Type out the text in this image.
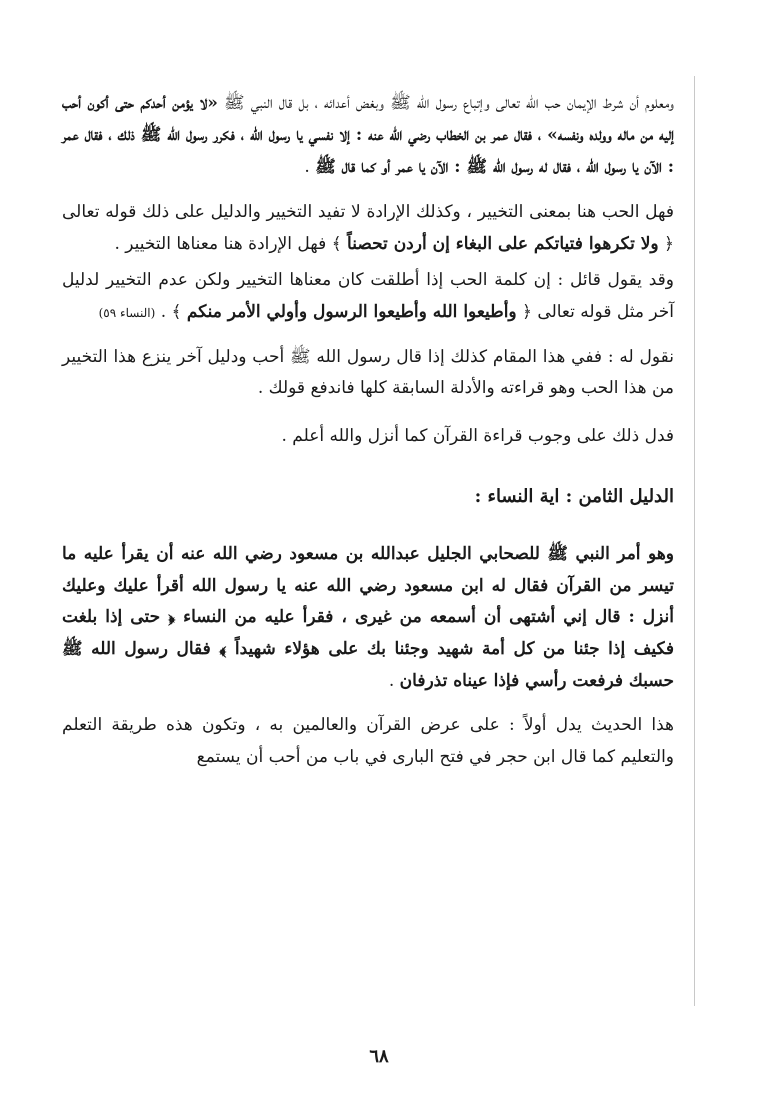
ومعلوم أن شرط الإيمان حب الله تعالى وإتباع رسول الله ﷺ وبغض أعدائه ، بل قال النبي ﷺ «لا يؤمن أحدكم حتى أكون أحب إليه من ماله وولده ونفسه» ، فقال عمر بن الخطاب رضي الله عنه : إلا نفسي يا رسول الله ، فكرر رسول الله ﷺ ذلك ، فقال عمر : الآن يا رسول الله ، فقال له رسول الله ﷺ : الآن يا عمر أو كما قال ﷺ .

فهل الحب هنا بمعنى التخيير ، وكذلك الإرادة لا تفيد التخيير والدليل على ذلك قوله تعالى ﴿ ولا تكرهوا فتياتكم على البغاء إن أردن تحصناً ﴾ فهل الإرادة هنا معناها التخيير .

وقد يقول قائل : إن كلمة الحب إذا أطلقت كان معناها التخيير ولكن عدم التخيير لدليل آخر مثل قوله تعالى ﴿ وأطيعوا الله وأطيعوا الرسول وأولي الأمر منكم ﴾ . (النساء ٥٩)

نقول له : ففي هذا المقام كذلك إذا قال رسول الله ﷺ أحب ودليل آخر ينزع هذا التخيير من هذا الحب وهو قراءته والأدلة السابقة كلها فاندفع قولك .

فدل ذلك على وجوب قراءة القرآن كما أنزل والله أعلم .

الدليل الثامن : اية النساء :

وهو أمر النبي ﷺ للصحابي الجليل عبدالله بن مسعود رضي الله عنه أن يقرأ عليه ما تيسر من القرآن فقال له ابن مسعود رضي الله عنه يا رسول الله أقرأ عليك وعليك أنزل : قال إني أشتهى أن أسمعه من غيرى ، فقرأ عليه من النساء ﴿ حتى إذا بلغت فكيف إذا جئنا من كل أمة شهيد وجئنا بك على هؤلاء شهيداً ﴾ فقال رسول الله ﷺ حسبك فرفعت رأسي فإذا عيناه تذرفان .

هذا الحديث يدل أولاً : على عرض القرآن والعالمين به ، وتكون هذه طريقة التعلم والتعليم كما قال ابن حجر في فتح البارى في باب من أحب أن يستمع

٦٨
